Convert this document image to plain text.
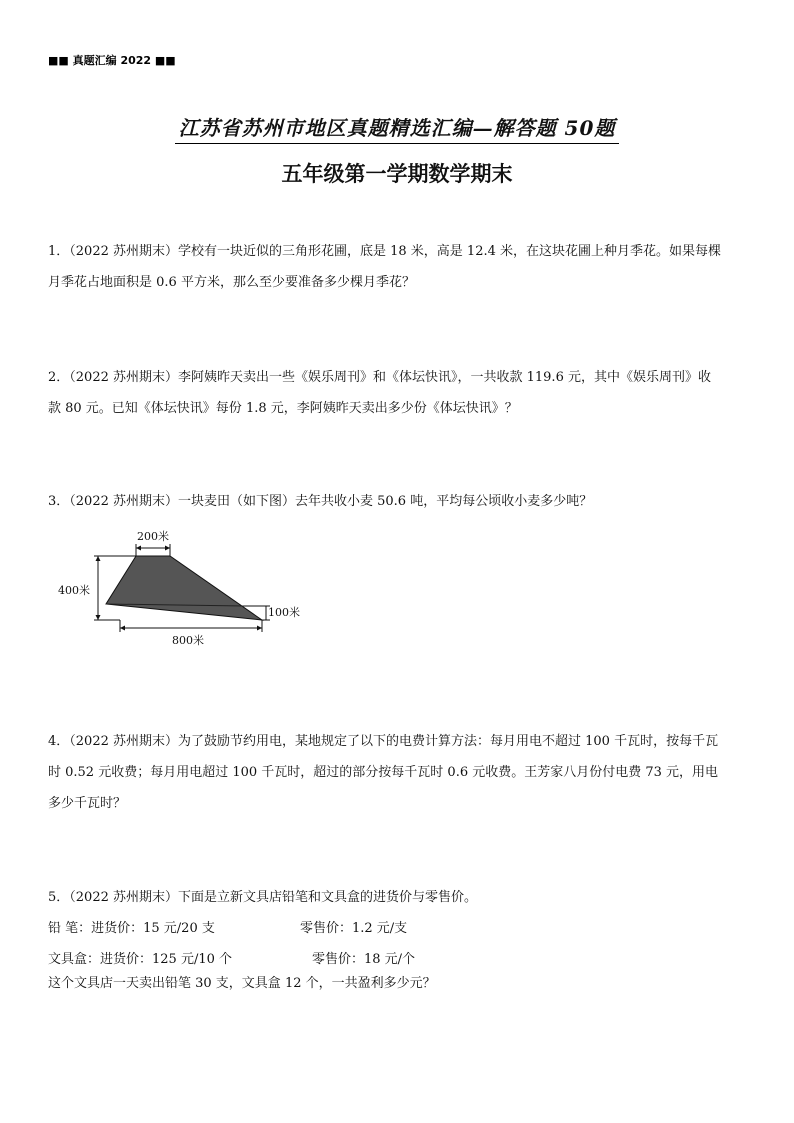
■■ 真题汇编 2022 ■■
江苏省苏州市地区真题精选汇编—解答题 50题
五年级第一学期数学期末

1．（2022 苏州期末）学校有一块近似的三角形花圃，底是 18 米，高是 12.4 米，在这块花圃上种月季花。如果每棵

月季花占地面积是 0.6 平方米，那么至少要准备多少棵月季花？

2．（2022 苏州期末）李阿姨昨天卖出一些《娱乐周刊》和《体坛快讯》，一共收款 119.6 元，其中《娱乐周刊》收

款 80 元。已知《体坛快讯》每份 1.8 元，李阿姨昨天卖出多少份《体坛快讯》？

3．（2022 苏州期末）一块麦田（如下图）去年共收小麦 50.6 吨，平均每公顷收小麦多少吨？

200米
400米
100米
800米

4．（2022 苏州期末）为了鼓励节约用电，某地规定了以下的电费计算方法：每月用电不超过 100 千瓦时，按每千瓦

时 0.52 元收费；每月用电超过 100 千瓦时，超过的部分按每千瓦时 0.6 元收费。王芳家八月份付电费 73 元，用电

多少千瓦时？

5．（2022 苏州期末）下面是立新文具店铅笔和文具盒的进货价与零售价。

铅 笔：进货价：15 元/20 支	零售价：1.2 元/支
文具盒：进货价：125 元/10 个	零售价：18 元/个

这个文具店一天卖出铅笔 30 支，文具盒 12 个，一共盈利多少元？
